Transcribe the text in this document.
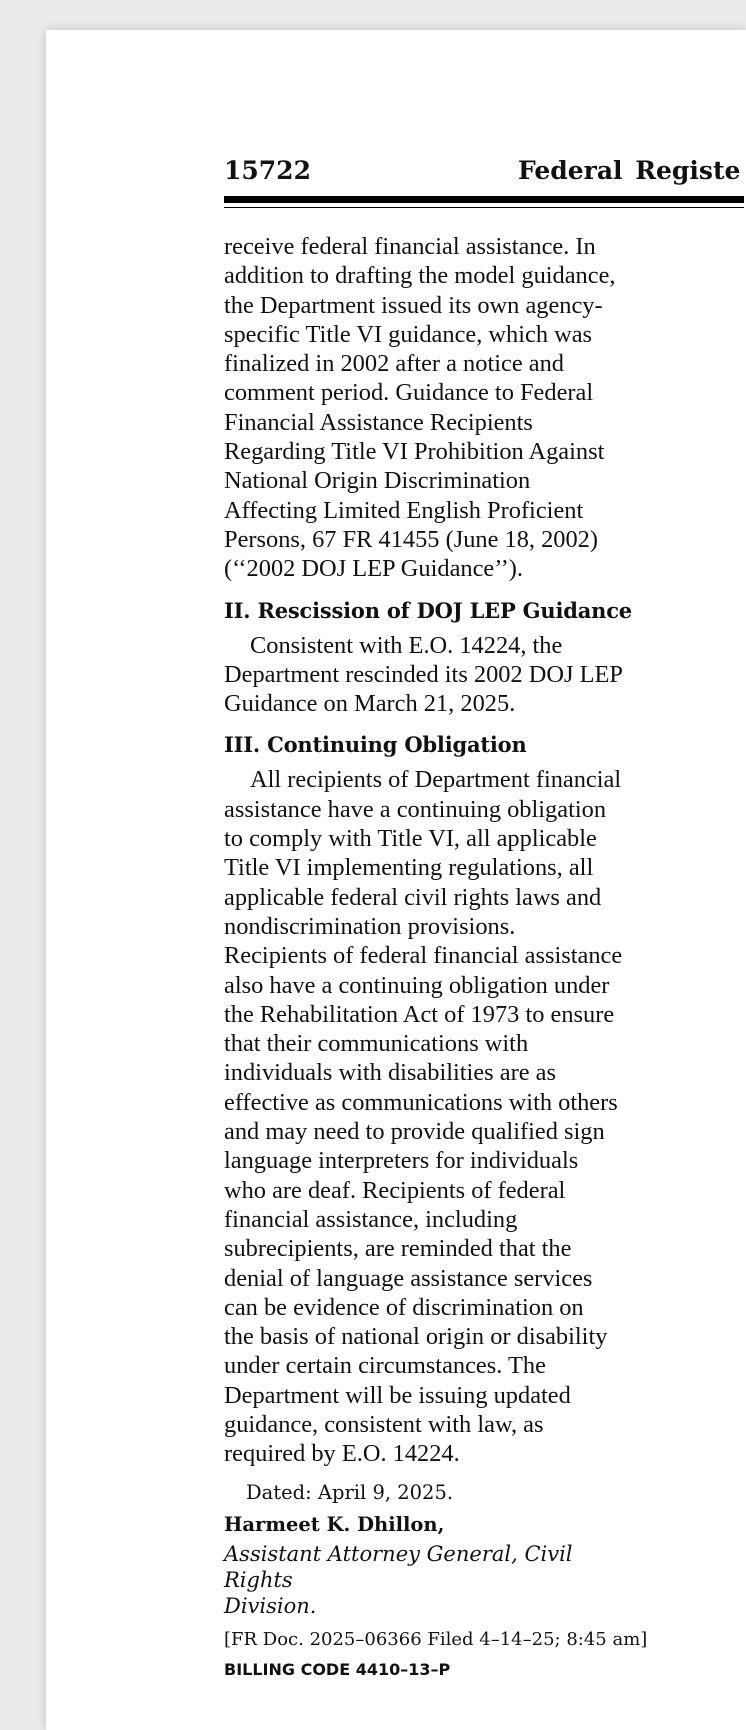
15722	Federal Registe

receive federal financial assistance. In
addition to drafting the model guidance,
the Department issued its own agency-
specific Title VI guidance, which was
finalized in 2002 after a notice and
comment period. Guidance to Federal
Financial Assistance Recipients
Regarding Title VI Prohibition Against
National Origin Discrimination
Affecting Limited English Proficient
Persons, 67 FR 41455 (June 18, 2002)
(‘‘2002 DOJ LEP Guidance’’).

II. Rescission of DOJ LEP Guidance

Consistent with E.O. 14224, the
Department rescinded its 2002 DOJ LEP
Guidance on March 21, 2025.

III. Continuing Obligation

All recipients of Department financial
assistance have a continuing obligation
to comply with Title VI, all applicable
Title VI implementing regulations, all
applicable federal civil rights laws and
nondiscrimination provisions.
Recipients of federal financial assistance
also have a continuing obligation under
the Rehabilitation Act of 1973 to ensure
that their communications with
individuals with disabilities are as
effective as communications with others
and may need to provide qualified sign
language interpreters for individuals
who are deaf. Recipients of federal
financial assistance, including
subrecipients, are reminded that the
denial of language assistance services
can be evidence of discrimination on
the basis of national origin or disability
under certain circumstances. The
Department will be issuing updated
guidance, consistent with law, as
required by E.O. 14224.

Dated: April 9, 2025.

Harmeet K. Dhillon,

Assistant Attorney General, Civil Rights
Division.

[FR Doc. 2025–06366 Filed 4–14–25; 8:45 am]

BILLING CODE 4410–13–P
